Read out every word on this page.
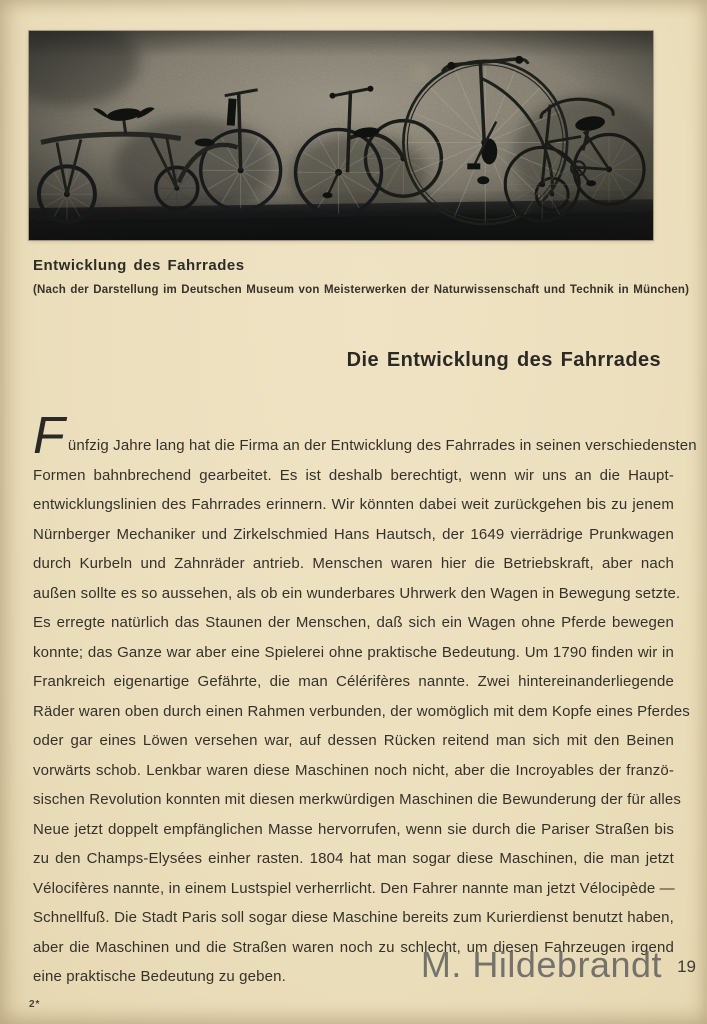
Entwicklung des Fahrrades
(Nach der Darstellung im Deutschen Museum von Meisterwerken der Naturwissenschaft und Technik in München)
Die Entwicklung des Fahrrades
Fünfzig Jahre lang hat die Firma an der Entwicklung des Fahrrades in seinen verschiedensten
Formen bahnbrechend gearbeitet. Es ist deshalb berechtigt, wenn wir uns an die Haupt-
entwicklungslinien des Fahrrades erinnern. Wir könnten dabei weit zurückgehen bis zu jenem
Nürnberger Mechaniker und Zirkelschmied Hans Hautsch, der 1649 vierrädrige Prunkwagen
durch Kurbeln und Zahnräder antrieb. Menschen waren hier die Betriebskraft, aber nach
außen sollte es so aussehen, als ob ein wunderbares Uhrwerk den Wagen in Bewegung setzte.
Es erregte natürlich das Staunen der Menschen, daß sich ein Wagen ohne Pferde bewegen
konnte; das Ganze war aber eine Spielerei ohne praktische Bedeutung. Um 1790 finden wir in
Frankreich eigenartige Gefährte, die man Célérifères nannte. Zwei hintereinanderliegende
Räder waren oben durch einen Rahmen verbunden, der womöglich mit dem Kopfe eines Pferdes
oder gar eines Löwen versehen war, auf dessen Rücken reitend man sich mit den Beinen
vorwärts schob. Lenkbar waren diese Maschinen noch nicht, aber die Incroyables der franzö-
sischen Revolution konnten mit diesen merkwürdigen Maschinen die Bewunderung der für alles
Neue jetzt doppelt empfänglichen Masse hervorrufen, wenn sie durch die Pariser Straßen bis
zu den Champs-Elysées einher rasten. 1804 hat man sogar diese Maschinen, die man jetzt
Vélocifères nannte, in einem Lustspiel verherrlicht. Den Fahrer nannte man jetzt Vélocipède —
Schnellfuß. Die Stadt Paris soll sogar diese Maschine bereits zum Kurierdienst benutzt haben,
aber die Maschinen und die Straßen waren noch zu schlecht, um diesen Fahrzeugen irgend
eine praktische Bedeutung zu geben.	M. Hildebrandt 19
2*
